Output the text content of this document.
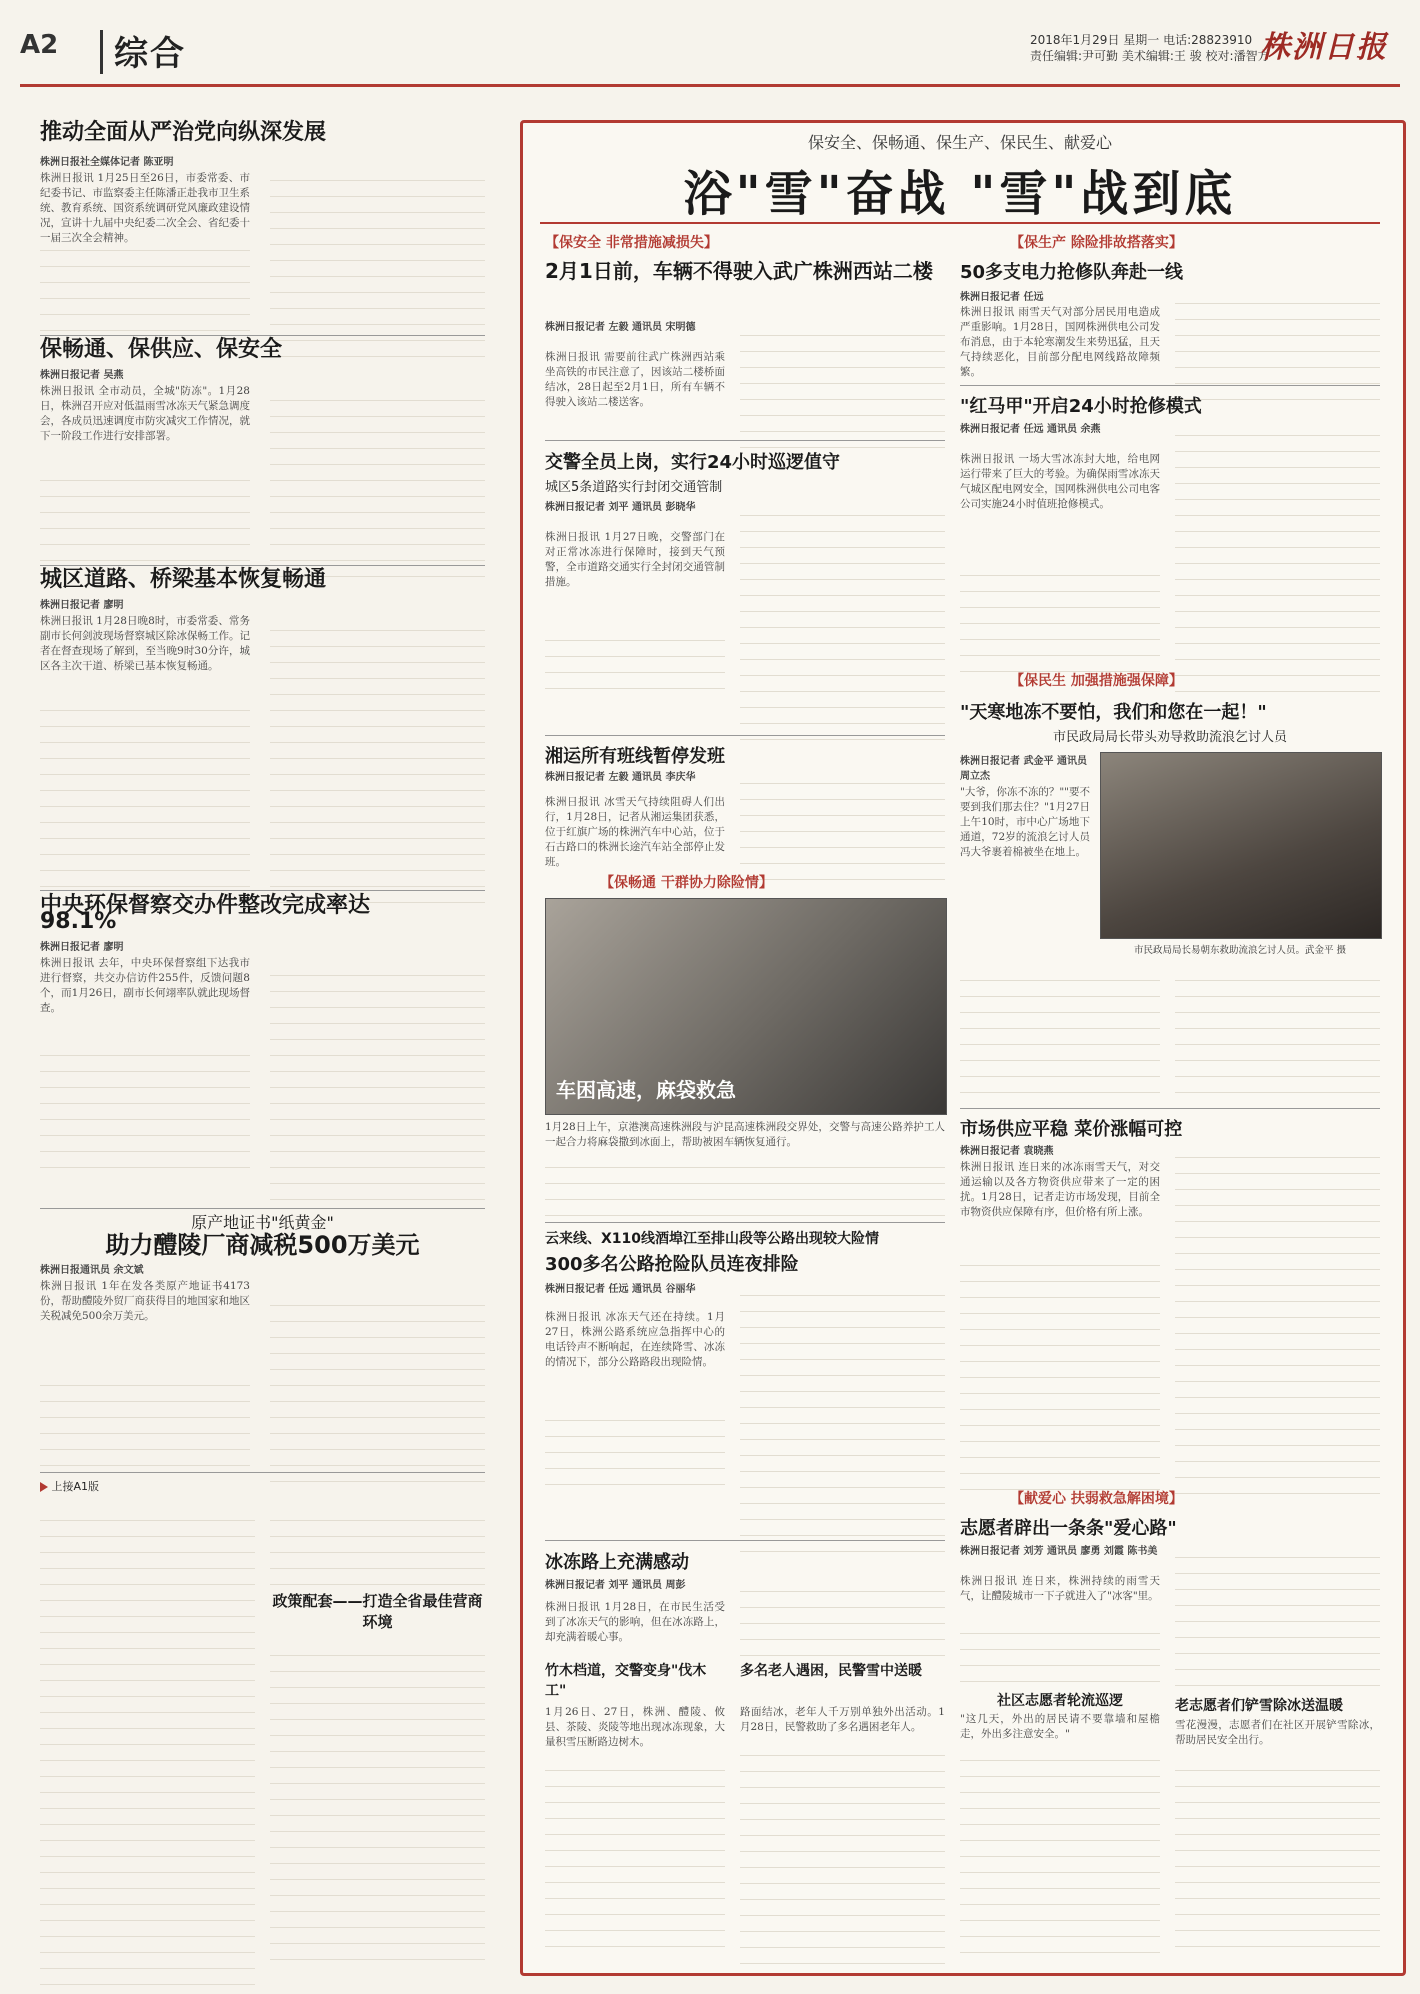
A2 综合	2018年1月29日 星期一 电话:28823910
责任编辑:尹可勤 美术编辑:王 骏 校对:潘智方
株洲日报
推动全面从严治党向纵深发展
株洲日报社全媒体记者 陈亚明
株洲日报讯 1月25日至26日，市委常委、市纪委书记、市监察委主任陈潘正赴我市卫生系统、教育系统、国资系统调研党风廉政建设情况，宣讲十九届中央纪委二次全会、省纪委十一届三次全会精神。
保畅通、保供应、保安全
株洲日报记者 吴燕
株洲日报讯 全市动员，全城"防冻"。1月28日，株洲召开应对低温雨雪冰冻天气紧急调度会，各成员迅速调度市防灾减灾工作情况，就下一阶段工作进行安排部署。
城区道路、桥梁基本恢复畅通
株洲日报记者 廖明
株洲日报讯 1月28日晚8时，市委常委、常务副市长何剑波现场督察城区除冰保畅工作。记者在督查现场了解到，至当晚9时30分许，城区各主次干道、桥梁已基本恢复畅通。
中央环保督察交办件整改完成率达98.1%
株洲日报记者 廖明
株洲日报讯 去年，中央环保督察组下达我市进行督察，共交办信访件255件，反馈问题8个，而1月26日，副市长何翊率队就此现场督查。
原产地证书"纸黄金"
助力醴陵厂商减税500万美元
株洲日报通讯员 余文斌
株洲日报讯 1年在发各类原产地证书4173份，帮助醴陵外贸厂商获得目的地国家和地区关税减免500余万美元。
上接A1版
政策配套——打造全省最佳营商环境
保安全、保畅通、保生产、保民生、献爱心
浴"雪"奋战 "雪"战到底
【保安全 非常措施减损失】
2月1日前，车辆不得驶入武广株洲西站二楼
株洲日报记者 左毅 通讯员 宋明德
株洲日报讯 需要前往武广株洲西站乘坐高铁的市民注意了，因该站二楼桥面结冰，28日起至2月1日，所有车辆不得驶入该站二楼送客。
交警全员上岗，实行24小时巡逻值守
城区5条道路实行封闭交通管制
株洲日报记者 刘平 通讯员 彭晓华
株洲日报讯 1月27日晚，交警部门在对正常冰冻进行保障时，接到天气预警，全市道路交通实行全封闭交通管制措施。
湘运所有班线暂停发班
株洲日报记者 左毅 通讯员 李庆华
株洲日报讯 冰雪天气持续阻碍人们出行，1月28日，记者从湘运集团获悉，位于红旗广场的株洲汽车中心站，位于石古路口的株洲长途汽车站全部停止发班。
【保畅通 干群协力除险情】
车困高速，麻袋救急
1月28日上午，京港澳高速株洲段与沪昆高速株洲段交界处，交警与高速公路养护工人一起合力将麻袋撒到冰面上，帮助被困车辆恢复通行。
云来线、X110线酒埠江至排山段等公路出现较大险情
300多名公路抢险队员连夜排险
株洲日报记者 任远 通讯员 谷丽华
株洲日报讯 冰冻天气还在持续。1月27日，株洲公路系统应急指挥中心的电话铃声不断响起，在连续降雪、冰冻的情况下，部分公路路段出现险情。
冰冻路上充满感动
株洲日报记者 刘平 通讯员 周彭
株洲日报讯 1月28日，在市民生活受到了冰冻天气的影响，但在冰冻路上，却充满着暖心事。
竹木档道，交警变身"伐木工"
1月26日、27日，株洲、醴陵、攸县、茶陵、炎陵等地出现冰冻现象，大量积雪压断路边树木。
多名老人遇困，民警雪中送暖
路面结冰，老年人千万别单独外出活动。1月28日，民警救助了多名遇困老年人。
【保生产 除险排故搭落实】
50多支电力抢修队奔赴一线
株洲日报记者 任远
株洲日报讯 雨雪天气对部分居民用电造成严重影响。1月28日，国网株洲供电公司发布消息，由于本轮寒潮发生来势迅猛，且天气持续恶化，目前部分配电网线路故障频繁。
"红马甲"开启24小时抢修模式
株洲日报记者 任远 通讯员 余燕
株洲日报讯 一场大雪冰冻封大地，给电网运行带来了巨大的考验。为确保雨雪冰冻天气城区配电网安全，国网株洲供电公司电客公司实施24小时值班抢修模式。
【保民生 加强措施强保障】
"天寒地冻不要怕，我们和您在一起！"
市民政局局长带头劝导救助流浪乞讨人员
株洲日报记者 武金平 通讯员 周立杰
"大爷，你冻不冻的？""要不要到我们那去住？"1月27日上午10时，市中心广场地下通道，72岁的流浪乞讨人员冯大爷裹着棉被坐在地上。
市民政局局长易朝东救助流浪乞讨人员。武金平 摄
市场供应平稳 菜价涨幅可控
株洲日报记者 袁晓燕
株洲日报讯 连日来的冰冻雨雪天气，对交通运输以及各方物资供应带来了一定的困扰。1月28日，记者走访市场发现，目前全市物资供应保障有序，但价格有所上涨。
【献爱心 扶弱救急解困境】
志愿者辟出一条条"爱心路"
株洲日报记者 刘芳 通讯员 廖勇 刘霞 陈书美
株洲日报讯 连日来，株洲持续的雨雪天气，让醴陵城市一下子就进入了"冰客"里。
社区志愿者轮流巡逻
"这几天，外出的居民请不要靠墙和屋檐走，外出多注意安全。"
老志愿者们铲雪除冰送温暖
雪花漫漫，志愿者们在社区开展铲雪除冰，帮助居民安全出行。
